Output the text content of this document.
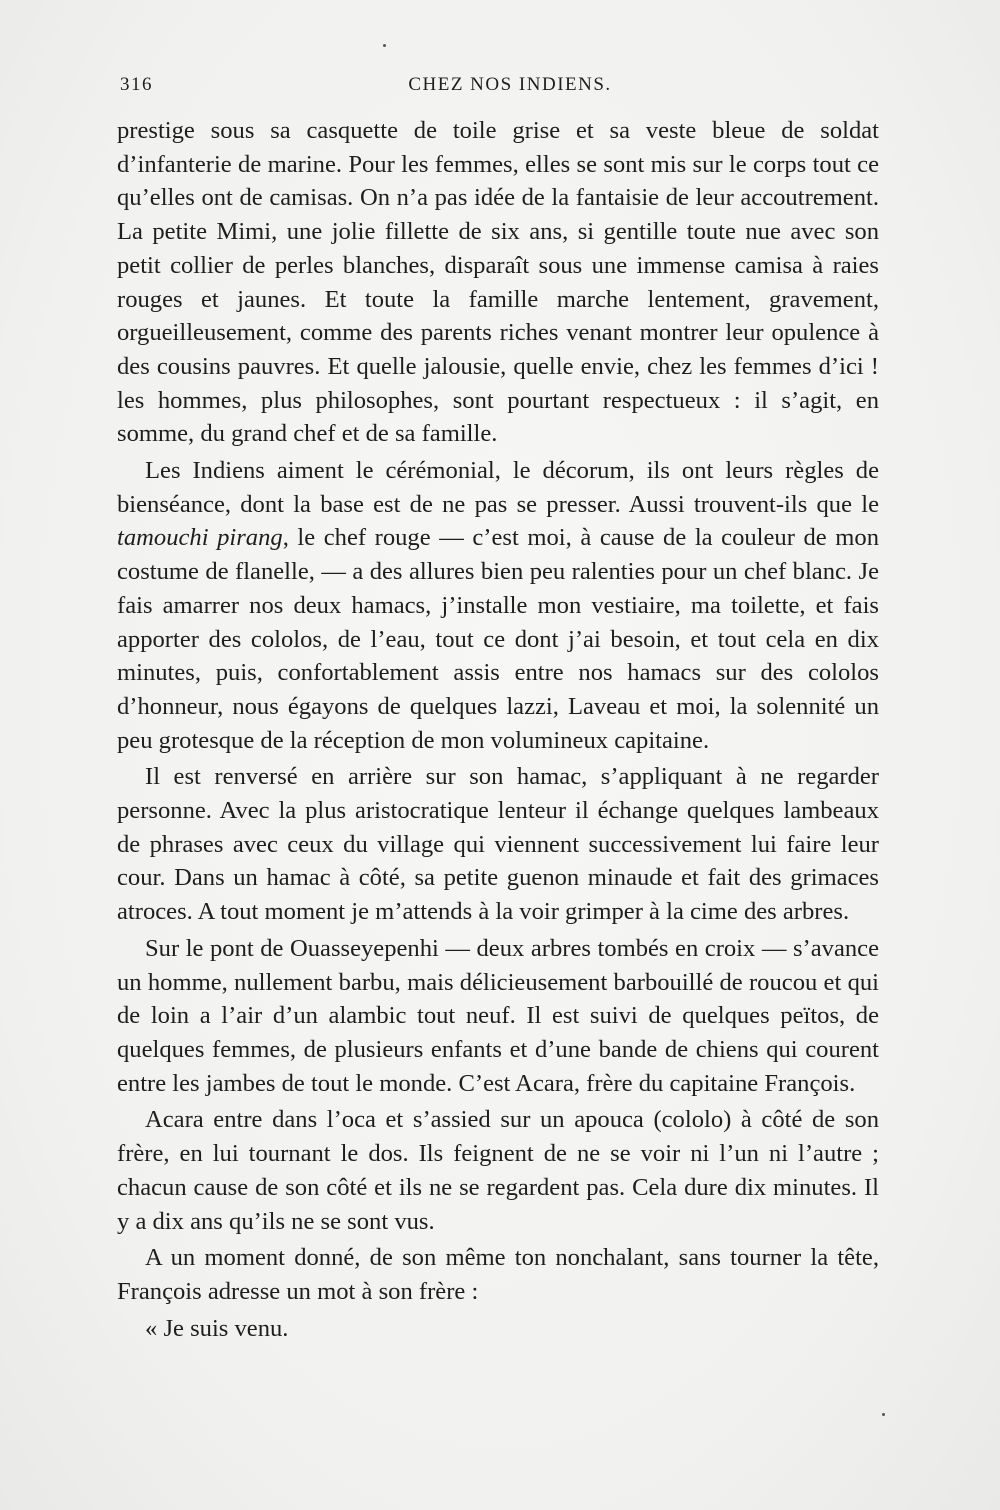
316	CHEZ NOS INDIENS.

prestige sous sa casquette de toile grise et sa veste bleue de soldat d’infanterie de marine. Pour les femmes, elles se sont mis sur le corps tout ce qu’elles ont de camisas. On n’a pas idée de la fantaisie de leur accoutrement. La petite Mimi, une jolie fillette de six ans, si gentille toute nue avec son petit collier de perles blanches, disparaît sous une immense camisa à raies rouges et jaunes. Et toute la famille marche lentement, gravement, orgueilleusement, comme des parents riches venant montrer leur opulence à des cousins pauvres. Et quelle jalousie, quelle envie, chez les femmes d’ici ! les hommes, plus philosophes, sont pourtant respectueux : il s’agit, en somme, du grand chef et de sa famille.

Les Indiens aiment le cérémonial, le décorum, ils ont leurs règles de bienséance, dont la base est de ne pas se presser. Aussi trouvent-ils que le tamouchi pirang, le chef rouge — c’est moi, à cause de la couleur de mon costume de flanelle, — a des allures bien peu ralenties pour un chef blanc. Je fais amarrer nos deux hamacs, j’installe mon vestiaire, ma toilette, et fais apporter des cololos, de l’eau, tout ce dont j’ai besoin, et tout cela en dix minutes, puis, confortablement assis entre nos hamacs sur des cololos d’honneur, nous égayons de quelques lazzi, Laveau et moi, la solennité un peu grotesque de la réception de mon volumineux capitaine.

Il est renversé en arrière sur son hamac, s’appliquant à ne regarder personne. Avec la plus aristocratique lenteur il échange quelques lambeaux de phrases avec ceux du village qui viennent successivement lui faire leur cour. Dans un hamac à côté, sa petite guenon minaude et fait des grimaces atroces. A tout moment je m’attends à la voir grimper à la cime des arbres.

Sur le pont de Ouasseyepenhi — deux arbres tombés en croix — s’avance un homme, nullement barbu, mais délicieusement barbouillé de roucou et qui de loin a l’air d’un alambic tout neuf. Il est suivi de quelques peïtos, de quelques femmes, de plusieurs enfants et d’une bande de chiens qui courent entre les jambes de tout le monde. C’est Acara, frère du capitaine François.

Acara entre dans l’oca et s’assied sur un apouca (cololo) à côté de son frère, en lui tournant le dos. Ils feignent de ne se voir ni l’un ni l’autre ; chacun cause de son côté et ils ne se regardent pas. Cela dure dix minutes. Il y a dix ans qu’ils ne se sont vus.

A un moment donné, de son même ton nonchalant, sans tourner la tête, François adresse un mot à son frère :

« Je suis venu.
